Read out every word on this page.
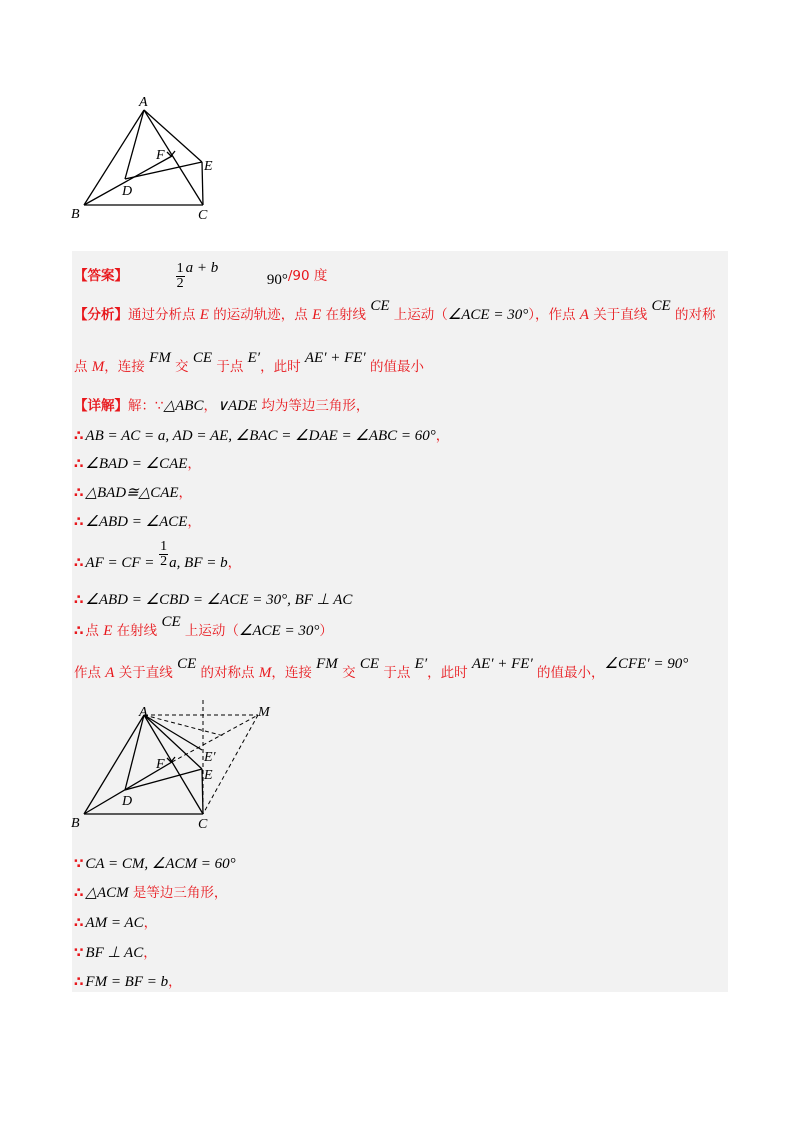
A
B	C
D
E
F
【答案】	$\frac{1}{2}$ a + b  90°/90 度
【分析】通过分析点 E 的运动轨迹，点 E 在射线 CE 上运动（∠ACE = 30°），作点 A 关于直线 CE 的对称
点 M，连接 FM 交 CE 于点 E′，此时 AE′ + FE′ 的值最小
【详解】解：∵△ABC，∨ADE 均为等边三角形，
∴ AB = AC = a, AD = AE, ∠BAC = ∠DAE = ∠ABC = 60°，
∴ ∠BAD = ∠CAE，
∴ △BAD≅△CAE，
∴ ∠ABD = ∠ACE，
∴ AF = CF = $\frac{1}{2} a$, BF = b，
∴ ∠ABD = ∠CBD = ∠ACE = 30°, BF ⊥ AC
∴ 点 E 在射线 CE 上运动（∠ACE = 30°）
作点 A 关于直线 CE 的对称点 M，连接 FM 交 CE 于点 E′，此时 AE′ + FE′ 的值最小，∠CFE′ = 90°
A
B	C
D
E
E′
F
M
∵ CA = CM, ∠ACM = 60°
∴ △ACM 是等边三角形，
∴ AM = AC，
∵ BF ⊥ AC，
∴ FM = BF = b，
